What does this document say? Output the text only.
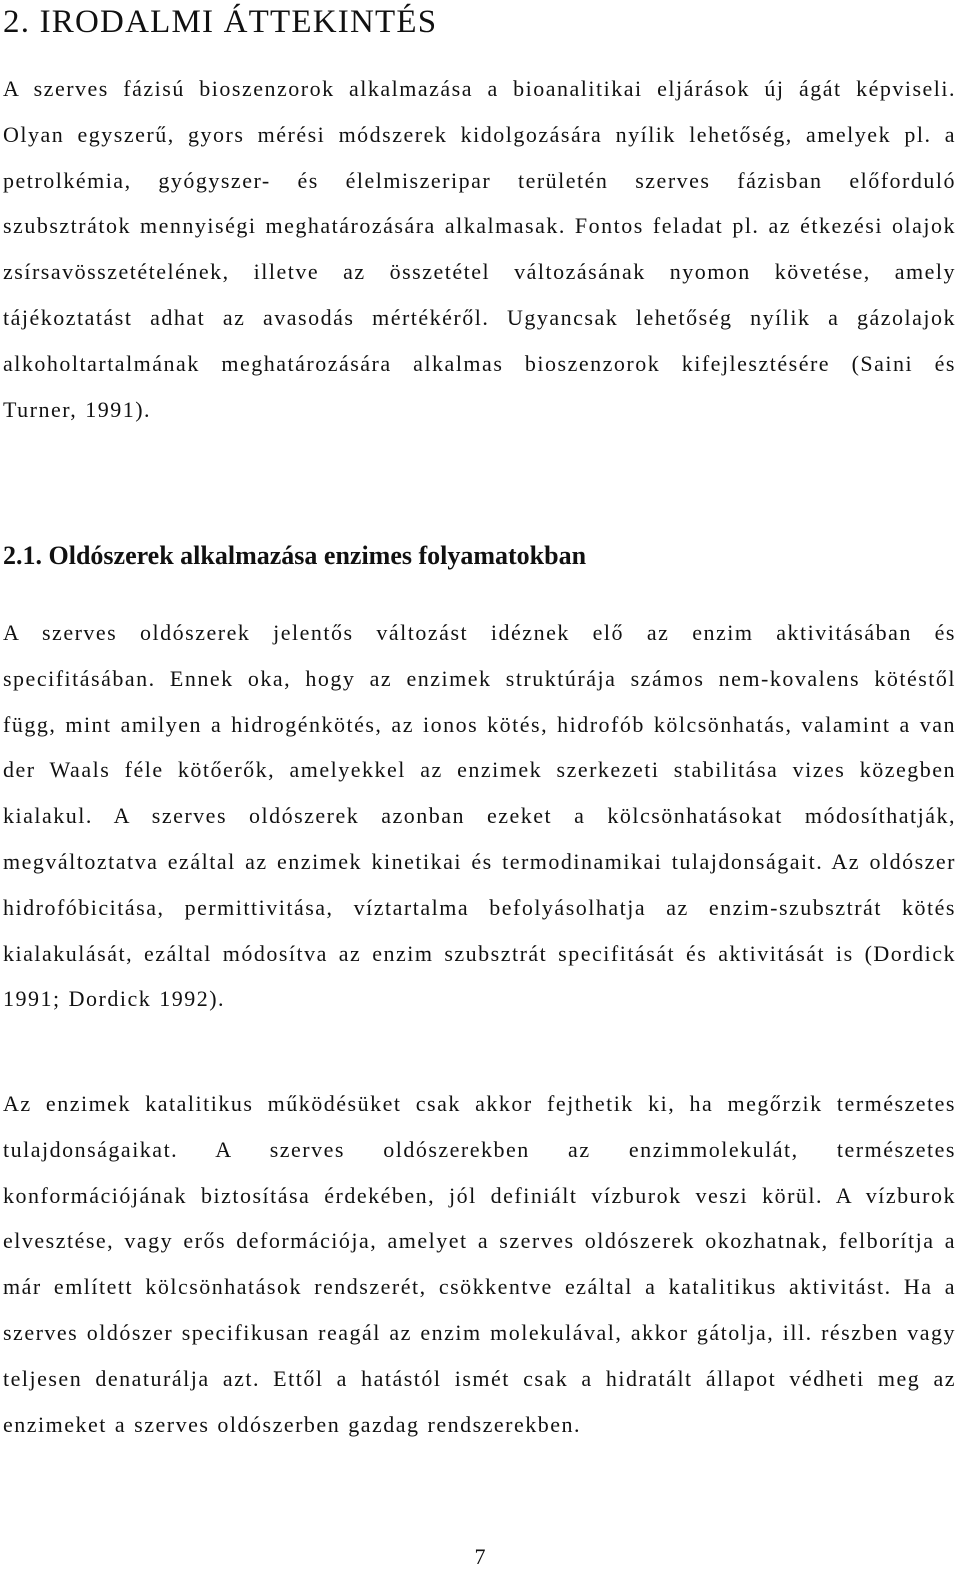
2. IRODALMI ÁTTEKINTÉS

A szerves fázisú bioszenzorok alkalmazása a bioanalitikai eljárások új ágát képviseli. Olyan egyszerű, gyors mérési módszerek kidolgozására nyílik lehetőség, amelyek pl. a petrolkémia, gyógyszer- és élelmiszeripar területén szerves fázisban előforduló szubsztrátok mennyiségi meghatározására alkalmasak. Fontos feladat pl. az étkezési olajok zsírsavösszetételének, illetve az összetétel változásának nyomon követése, amely tájékoztatást adhat az avasodás mértékéről. Ugyancsak lehetőség nyílik a gázolajok alkoholtartalmának meghatározására alkalmas bioszenzorok kifejlesztésére (Saini és Turner, 1991).

2.1. Oldószerek alkalmazása enzimes folyamatokban

A szerves oldószerek jelentős változást idéznek elő az enzim aktivitásában és specifitásában. Ennek oka, hogy az enzimek struktúrája számos nem-kovalens kötéstől függ, mint amilyen a hidrogénkötés, az ionos kötés, hidrofób kölcsönhatás, valamint a van der Waals féle kötőerők, amelyekkel az enzimek szerkezeti stabilitása vizes közegben kialakul. A szerves oldószerek azonban ezeket a kölcsönhatásokat módosíthatják, megváltoztatva ezáltal az enzimek kinetikai és termodinamikai tulajdonságait. Az oldószer hidrofóbicitása, permittivitása, víztartalma befolyásolhatja az enzim-szubsztrát kötés kialakulását, ezáltal módosítva az enzim szubsztrát specifitását és aktivitását is (Dordick 1991; Dordick 1992).

Az enzimek katalitikus működésüket csak akkor fejthetik ki, ha megőrzik természetes tulajdonságaikat. A szerves oldószerekben az enzimmolekulát, természetes konformációjának biztosítása érdekében, jól definiált vízburok veszi körül. A vízburok elvesztése, vagy erős deformációja, amelyet a szerves oldószerek okozhatnak, felborítja a már említett kölcsönhatások rendszerét, csökkentve ezáltal a katalitikus aktivitást. Ha a szerves oldószer specifikusan reagál az enzim molekulával, akkor gátolja, ill. részben vagy teljesen denaturálja azt. Ettől a hatástól ismét csak a hidratált állapot védheti meg az enzimeket a szerves oldószerben gazdag rendszerekben.

7
